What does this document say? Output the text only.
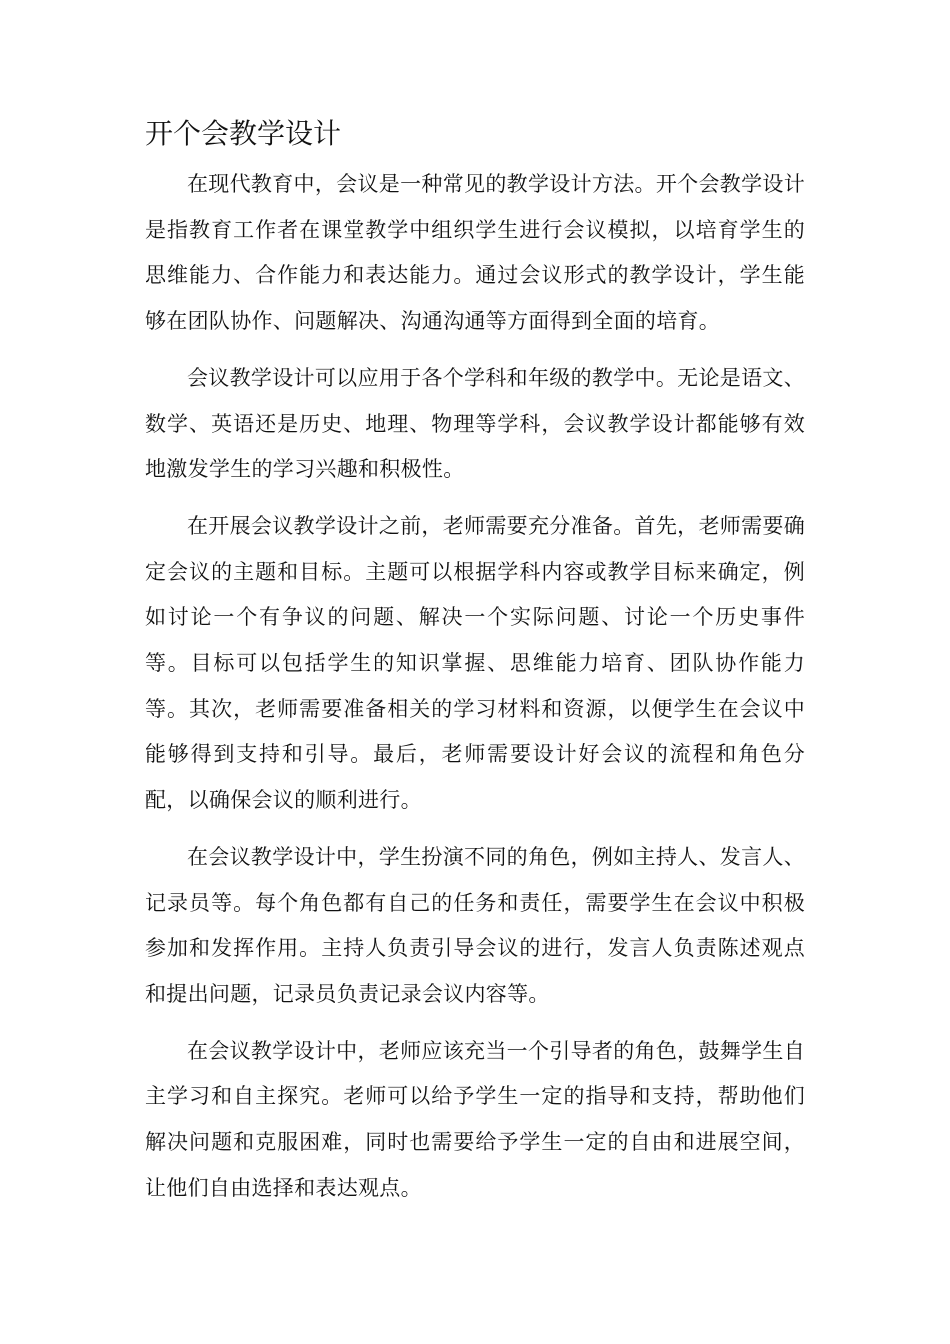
开个会教学设计

在现代教育中，会议是一种常见的教学设计方法。开个会教学设计是指教育工作者在课堂教学中组织学生进行会议模拟，以培育学生的思维能力、合作能力和表达能力。通过会议形式的教学设计，学生能够在团队协作、问题解决、沟通沟通等方面得到全面的培育。

会议教学设计可以应用于各个学科和年级的教学中。无论是语文、数学、英语还是历史、地理、物理等学科，会议教学设计都能够有效地激发学生的学习兴趣和积极性。

在开展会议教学设计之前，老师需要充分准备。首先，老师需要确定会议的主题和目标。主题可以根据学科内容或教学目标来确定，例如讨论一个有争议的问题、解决一个实际问题、讨论一个历史事件等。目标可以包括学生的知识掌握、思维能力培育、团队协作能力等。其次，老师需要准备相关的学习材料和资源，以便学生在会议中能够得到支持和引导。最后，老师需要设计好会议的流程和角色分配，以确保会议的顺利进行。

在会议教学设计中，学生扮演不同的角色，例如主持人、发言人、记录员等。每个角色都有自己的任务和责任，需要学生在会议中积极参加和发挥作用。主持人负责引导会议的进行，发言人负责陈述观点和提出问题，记录员负责记录会议内容等。

在会议教学设计中，老师应该充当一个引导者的角色，鼓舞学生自主学习和自主探究。老师可以给予学生一定的指导和支持，帮助他们解决问题和克服困难，同时也需要给予学生一定的自由和进展空间，让他们自由选择和表达观点。
